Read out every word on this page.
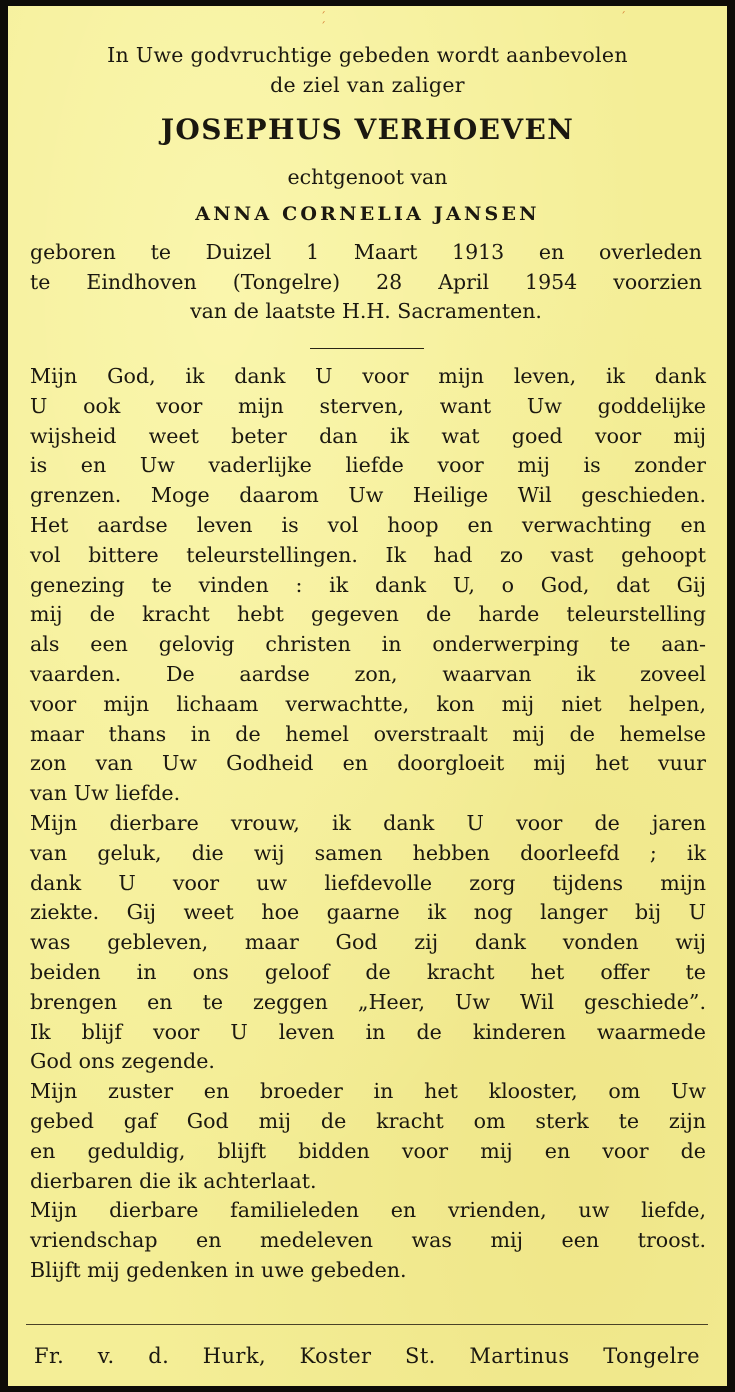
´ ´
´
In Uwe godvruchtige gebeden wordt aanbevolen
de ziel van zaliger
JOSEPHUS VERHOEVEN
echtgenoot van
ANNA CORNELIA JANSEN
geboren te Duizel 1 Maart 1913 en overleden
te Eindhoven (Tongelre) 28 April 1954 voorzien
van de laatste H.H. Sacramenten.
Mijn God, ik dank U voor mijn leven, ik dank
U ook voor mijn sterven, want Uw goddelijke
wijsheid weet beter dan ik wat goed voor mij
is en Uw vaderlijke liefde voor mij is zonder
grenzen. Moge daarom Uw Heilige Wil geschieden.
Het aardse leven is vol hoop en verwachting en
vol bittere teleurstellingen. Ik had zo vast gehoopt
genezing te vinden : ik dank U, o God, dat Gij
mij de kracht hebt gegeven de harde teleurstelling
als een gelovig christen in onderwerping te aan-
vaarden. De aardse zon, waarvan ik zoveel
voor mijn lichaam verwachtte, kon mij niet helpen,
maar thans in de hemel overstraalt mij de hemelse
zon van Uw Godheid en doorgloeit mij het vuur
van Uw liefde.
Mijn dierbare vrouw, ik dank U voor de jaren
van geluk, die wij samen hebben doorleefd ; ik
dank U voor uw liefdevolle zorg tijdens mijn
ziekte. Gij weet hoe gaarne ik nog langer bij U
was gebleven, maar God zij dank vonden wij
beiden in ons geloof de kracht het offer te
brengen en te zeggen „Heer, Uw Wil geschiede”.
Ik blijf voor U leven in de kinderen waarmede
God ons zegende.
Mijn zuster en broeder in het klooster, om Uw
gebed gaf God mij de kracht om sterk te zijn
en geduldig, blijft bidden voor mij en voor de
dierbaren die ik achterlaat.
Mijn dierbare familieleden en vrienden, uw liefde,
vriendschap en medeleven was mij een troost.
Blijft mij gedenken in uwe gebeden.
Fr. v. d. Hurk, Koster St. Martinus Tongelre
